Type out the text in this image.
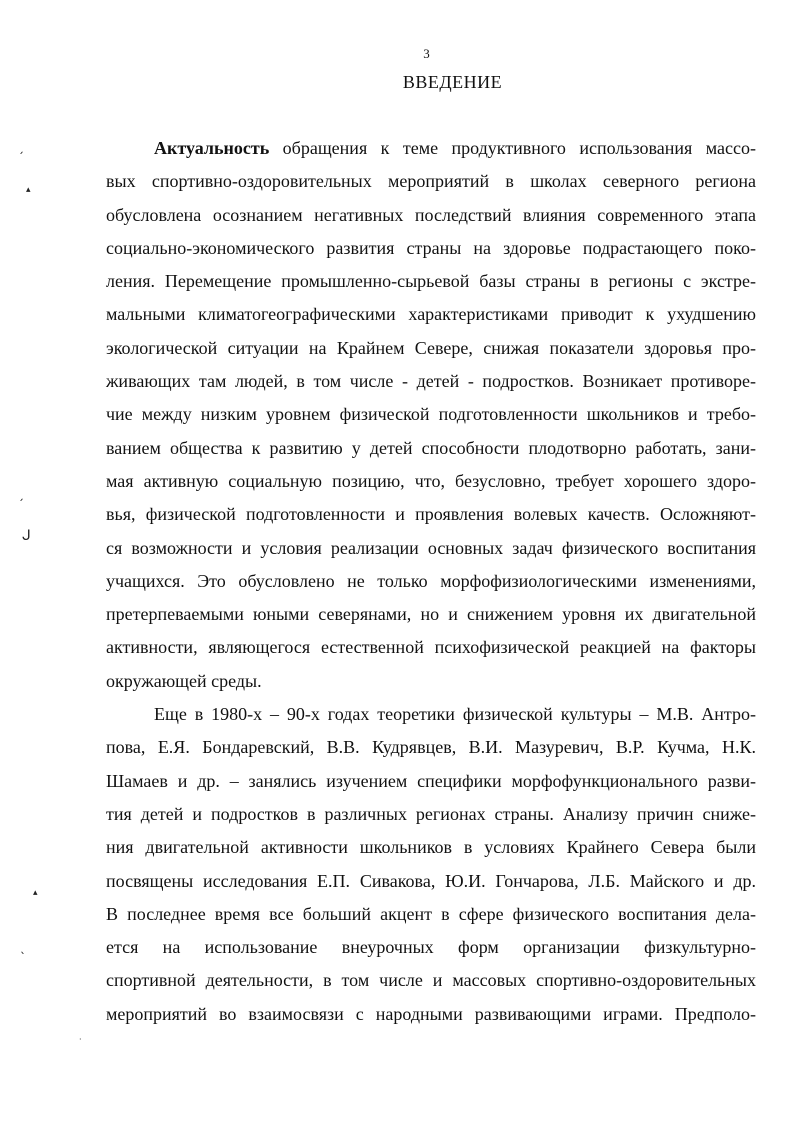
3
ВВЕДЕНИЕ
Актуальность обращения к теме продуктивного использования массо-
вых спортивно-оздоровительных мероприятий в школах северного региона
обусловлена осознанием негативных последствий влияния современного этапа
социально-экономического развития страны на здоровье подрастающего поко-
ления. Перемещение промышленно-сырьевой базы страны в регионы с экстре-
мальными климатогеографическими характеристиками приводит к ухудшению
экологической ситуации на Крайнем Севере, снижая показатели здоровья про-
живающих там людей, в том числе - детей - подростков. Возникает противоре-
чие между низким уровнем физической подготовленности школьников и требо-
ванием общества к развитию у детей способности плодотворно работать, зани-
мая активную социальную позицию, что, безусловно, требует хорошего здоро-
вья, физической подготовленности и проявления волевых качеств. Осложняют-
ся возможности и условия реализации основных задач физического воспитания
учащихся. Это обусловлено не только морфофизиологическими изменениями,
претерпеваемыми юными северянами, но и снижением уровня их двигательной
активности, являющегося естественной психофизической реакцией на факторы
окружающей среды.
Еще в 1980-х – 90-х годах теоретики физической культуры – М.В. Антро-
пова, Е.Я. Бондаревский, В.В. Кудрявцев, В.И. Мазуревич, В.Р. Кучма, Н.К.
Шамаев и др. – занялись изучением специфики морфофункционального разви-
тия детей и подростков в различных регионах страны. Анализу причин сниже-
ния двигательной активности школьников в условиях Крайнего Севера были
посвящены исследования Е.П. Сивакова, Ю.И. Гончарова, Л.Б. Майского и др.
В последнее время все больший акцент в сфере физического воспитания дела-
ется на использование внеурочных форм организации физкультурно-
спортивной деятельности, в том числе и массовых спортивно-оздоровительных
мероприятий во взаимосвязи с народными развивающими играми. Предполо-
ˏ
▴
ˏ
ᒍ
▴
ˎ
·
